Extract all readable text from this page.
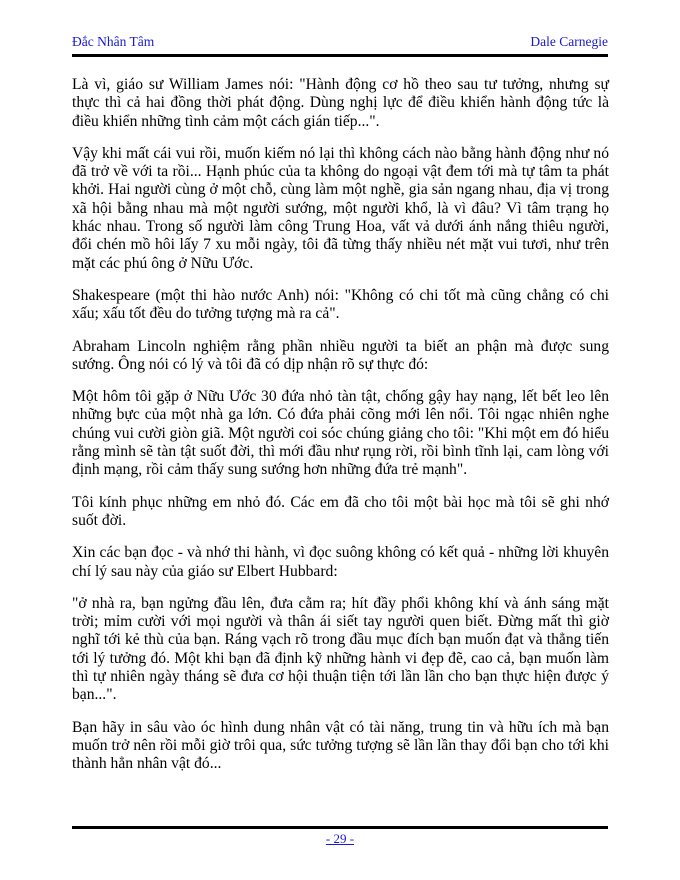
Đắc Nhân Tâm	Dale Carnegie

Là vì, giáo sư William James nói: "Hành động cơ hồ theo sau tư tưởng, nhưng sự thực thì cả hai đồng thời phát động. Dùng nghị lực để điều khiển hành động tức là điều khiển những tình cảm một cách gián tiếp...".

Vậy khi mất cái vui rồi, muốn kiếm nó lại thì không cách nào bằng hành động như nó đã trở về với ta rồi... Hạnh phúc của ta không do ngoại vật đem tới mà tự tâm ta phát khởi. Hai người cùng ở một chỗ, cùng làm một nghề, gia sản ngang nhau, địa vị trong xã hội bằng nhau mà một người sướng, một người khổ, là vì đâu? Vì tâm trạng họ khác nhau. Trong số người làm công Trung Hoa, vất vả dưới ánh nắng thiêu người, đổi chén mồ hôi lấy 7 xu mỗi ngày, tôi đã từng thấy nhiều nét mặt vui tươi, như trên mặt các phú ông ở Nữu Ước.

Shakespeare (một thi hào nước Anh) nói: "Không có chi tốt mà cũng chẳng có chi xấu; xấu tốt đều do tưởng tượng mà ra cả".

Abraham Lincoln nghiệm rằng phần nhiều người ta biết an phận mà được sung sướng. Ông nói có lý và tôi đã có dịp nhận rõ sự thực đó:

Một hôm tôi gặp ở Nữu Ước 30 đứa nhỏ tàn tật, chống gậy hay nạng, lết bết leo lên những bực của một nhà ga lớn. Có đứa phải cõng mới lên nổi. Tôi ngạc nhiên nghe chúng vui cười giòn giã. Một người coi sóc chúng giảng cho tôi: "Khi một em đó hiểu rằng mình sẽ tàn tật suốt đời, thì mới đầu như rụng rời, rồi bình tĩnh lại, cam lòng với định mạng, rồi cảm thấy sung sướng hơn những đứa trẻ mạnh".

Tôi kính phục những em nhỏ đó. Các em đã cho tôi một bài học mà tôi sẽ ghi nhớ suốt đời.

Xin các bạn đọc - và nhớ thi hành, vì đọc suông không có kết quả - những lời khuyên chí lý sau này của giáo sư Elbert Hubbard:

"ở nhà ra, bạn ngửng đầu lên, đưa cằm ra; hít đầy phổi không khí và ánh sáng mặt trời; mỉm cười với mọi người và thân ái siết tay người quen biết. Đừng mất thì giờ nghĩ tới kẻ thù của bạn. Ráng vạch rõ trong đầu mục đích bạn muốn đạt và thẳng tiến tới lý tưởng đó. Một khi bạn đã định kỹ những hành vi đẹp đẽ, cao cả, bạn muốn làm thì tự nhiên ngày tháng sẽ đưa cơ hội thuận tiện tới lần lần cho bạn thực hiện được ý bạn...".

Bạn hãy in sâu vào óc hình dung nhân vật có tài năng, trung tin và hữu ích mà bạn muốn trở nên rồi mỗi giờ trôi qua, sức tưởng tượng sẽ lần lần thay đổi bạn cho tới khi thành hẳn nhân vật đó...

- 29 -
